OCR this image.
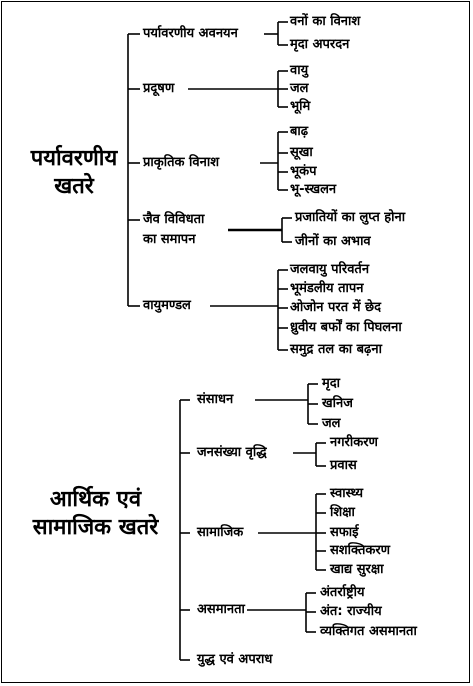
पर्यावरणीय
खतरे
पर्यावरणीय अवनयन
वनों का विनाश
मृदा अपरदन
प्रदूषण
वायु
जल
भूमि
प्राकृतिक विनाश
बाढ़
सूखा
भूकंप
भू-स्खलन
जैव विविधता
का समापन
प्रजातियों का लुप्त होना
जीनों का अभाव
वायुमण्डल
जलवायु परिवर्तन
भूमंडलीय तापन
ओजोन परत में छेद
ध्रुवीय बर्फों का पिघलना
समुद्र तल का बढ़ना
आर्थिक एवं
सामाजिक खतरे
संसाधन
मृदा
खनिज
जल
जनसंख्या वृद्धि
नगरीकरण
प्रवास
सामाजिक
स्वास्थ्य
शिक्षा
सफाई
सशक्तिकरण
खाद्य सुरक्षा
असमानता
अंतर्राष्ट्रीय
अंत: राज्यीय
व्यक्तिगत असमानता
युद्ध एवं अपराध
